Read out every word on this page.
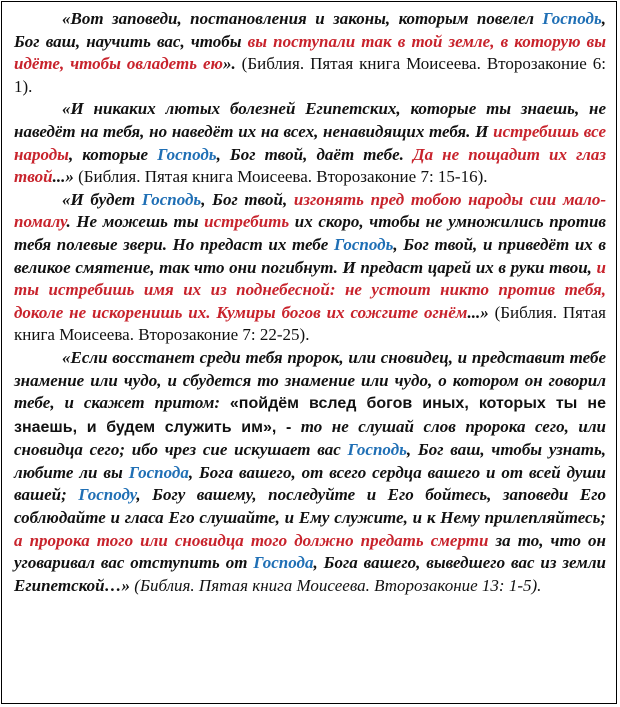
«Вот заповеди, постановления и законы, которым повелел Господь, Бог ваш, научить вас, чтобы вы поступали так в той земле, в которую вы идёте, чтобы овладеть ею». (Библия. Пятая книга Моисеева. Второзаконие 6: 1).

«И никаких лютых болезней Египетских, которые ты знаешь, не наведёт на тебя, но наведёт их на всех, ненавидящих тебя. И истребишь все народы, которые Господь, Бог твой, даёт тебе. Да не пощадит их глаз твой...» (Библия. Пятая книга Моисеева. Второзаконие 7: 15-16).

«И будет Господь, Бог твой, изгонять пред тобою народы сии мало-помалу. Не можешь ты истребить их скоро, чтобы не умножились против тебя полевые звери. Но предаст их тебе Господь, Бог твой, и приведёт их в великое смятение, так что они погибнут. И предаст царей их в руки твои, и ты истребишь имя их из поднебесной: не устоит никто против тебя, доколе не искоренишь их. Кумиры богов их сожгите огнём...» (Библия. Пятая книга Моисеева. Второзаконие 7: 22-25).

«Если восстанет среди тебя пророк, или сновидец, и представит тебе знамение или чудо, и сбудется то знамение или чудо, о котором он говорил тебе, и скажет притом: «пойдём вслед богов иных, которых ты не знаешь, и будем служить им», - то не слушай слов пророка сего, или сновидца сего; ибо чрез сие искушает вас Господь, Бог ваш, чтобы узнать, любите ли вы Господа, Бога вашего, от всего сердца вашего и от всей души вашей; Господу, Богу вашему, последуйте и Его бойтесь, заповеди Его соблюдайте и гласа Его слушайте, и Ему служите, и к Нему прилепляйтесь; а пророка того или сновидца того должно предать смерти за то, что он уговаривал вас отступить от Господа, Бога вашего, выведшего вас из земли Египетской…» (Библия. Пятая книга Моисеева. Второзаконие 13: 1-5).
